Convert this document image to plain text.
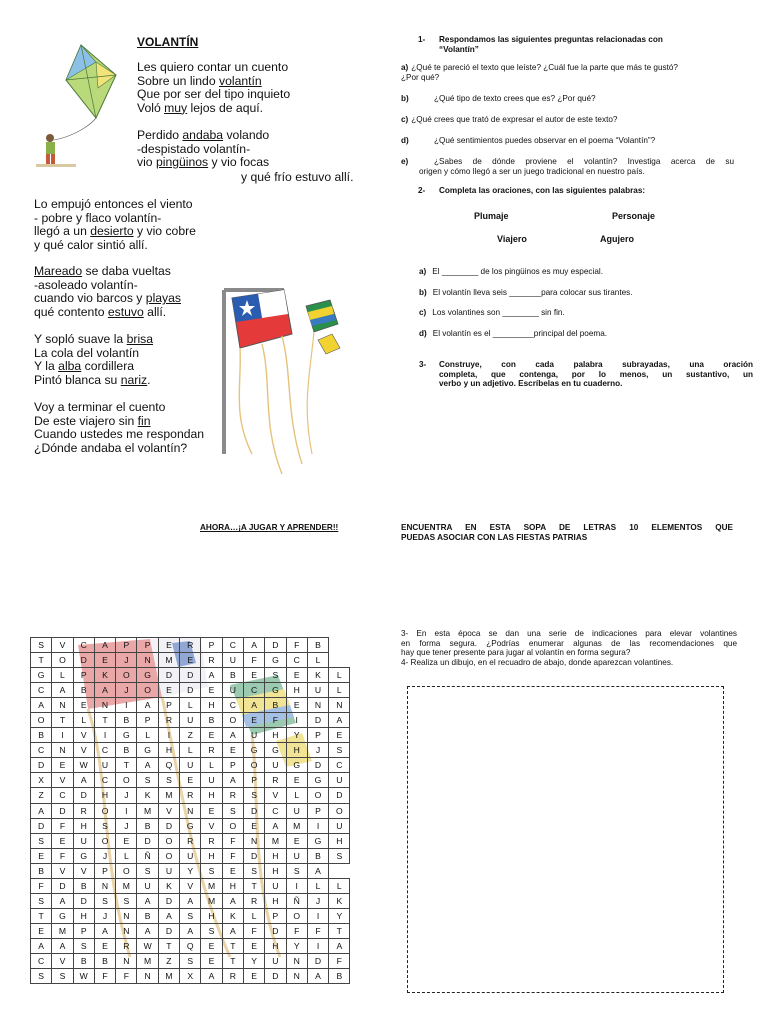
VOLANTÍN
Les quiero contar un cuento
Sobre un lindo volantín
Que por ser del tipo inquieto
Voló muy lejos de aquí.
Perdido andaba volando
-despistado volantín-
vio pingüinos y vio focas
y qué frío estuvo allí.
Lo empujó entonces el viento
- pobre y flaco volantín-
llegó a un desierto y vio cobre
y qué calor sintió allí.
Mareado se daba vueltas
-asoleado volantín-
cuando vio barcos y playas
qué contento estuvo allí.
Y sopló suave la brisa
La cola del volantín
Y la alba cordillera
Pintó blanca su nariz.
Voy a terminar el cuento
De este viajero sin fin
Cuando ustedes me respondan
¿Dónde andaba el volantín?
1- Respondamos las siguientes preguntas relacionadas con
“Volantín”
a) ¿Qué te pareció el texto que leíste? ¿Cuál fue la parte que más te gustó?
¿Por qué?
b)	¿Qué tipo de texto crees que es? ¿Por qué?
c) ¿Qué crees que trató de expresar el autor de este texto?
d)	¿Qué sentimientos puedes observar en el poema “Volantín”?
e)	¿Sabes de dónde proviene el volantín? Investiga acerca de su
origen y cómo llegó a ser un juego tradicional en nuestro país.
2- Completa las oraciones, con las siguientes palabras:
Plumaje	Personaje
Viajero	Agujero
a) El ________ de los pingüinos es muy especial.
b) El volantín lleva seis _______para colocar sus tirantes.
c) Los volantines son ________ sin fin.
d) El volantín es el _________principal del poema.
3- Construye, con cada palabra subrayadas, una oración
completa, que contenga, por lo menos, un sustantivo, un
verbo y un adjetivo. Escríbelas en tu cuaderno.
AHORA…¡A JUGAR Y APRENDER!!	ENCUENTRA EN ESTA SOPA DE LETRAS 10 ELEMENTOS QUE
PUEDAS ASOCIAR CON LAS FIESTAS PATRIAS
3- En esta época se dan una serie de indicaciones para elevar volantines
en forma segura. ¿Podrías enumerar algunas de las recomendaciones que
hay que tener presente para jugar al volantín en forma segura?
4- Realiza un dibujo, en el recuadro de abajo, donde aparezcan volantines.
S	V	C	A	P	P	E	R	P	C	A	D	F	B	
T	O	D	E	J	N	M	E	R	U	F	G	C	L	
G	L	P	K	O	G	D	D	A	B	E	S	E	K	L
C	A	B	A	J	O	E	D	E	U	C	G	H	U	L
A	N	E	N	I	A	P	L	H	C	A	B	E	N	N
O	T	L	T	B	P	R	U	B	O	E	F	I	D	A
B	I	V	I	G	L	I	Z	E	A	U	H	Y	P	E
C	N	V	C	B	G	H	L	R	E	G	G	H	J	S
D	E	W	U	T	A	Q	U	L	P	O	U	G	D	C
X	V	A	C	O	S	S	E	U	A	P	R	E	G	U
Z	C	D	H	J	K	M	R	H	R	S	V	L	O	D
A	D	R	O	I	M	V	N	E	S	D	C	U	P	O
D	F	H	S	J	B	D	G	V	O	E	A	M	I	U
S	E	U	O	E	D	O	R	R	F	N	M	E	G	H
E	F	G	J	L	Ñ	O	U	H	F	D	H	U	B	S
B	V	V	P	O	S	U	Y	S	E	S	H	S	A	
F	D	B	N	M	U	K	V	M	H	T	U	I	L	L
S	A	D	S	S	A	D	A	M	A	R	H	Ñ	J	K
T	G	H	J	N	B	A	S	H	K	L	P	O	I	Y
E	M	P	A	N	A	D	A	S	A	F	D	F	F	T
A	A	S	E	R	W	T	Q	E	T	E	H	Y	I	A
C	V	B	B	N	M	Z	S	E	T	Y	U	N	D	F
S	S	W	F	F	N	M	X	A	R	E	D	N	A	B
